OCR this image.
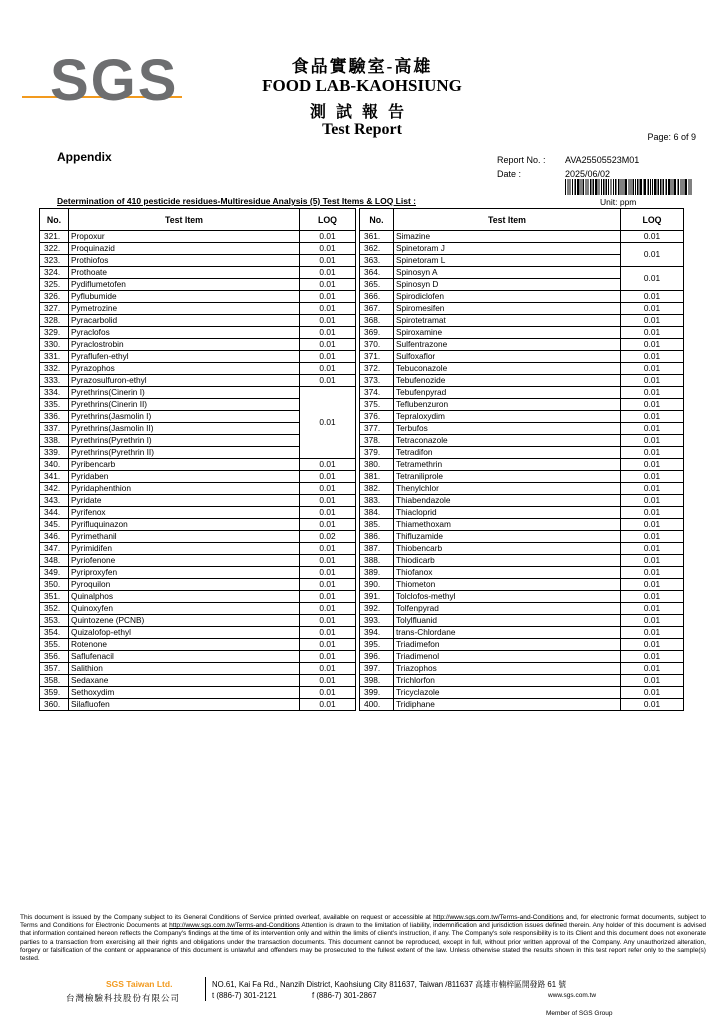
SGS	食品實驗室-高雄
FOOD LAB-KAOHSIUNG
測試報告
Test Report	Page: 6 of 9
Appendix	Report No. : AVA25505523M01
Date :	2025/06/02
Determination of 410 pesticide residues-Multiresidue Analysis (5) Test Items & LOQ List :	Unit: ppm
No.	Test Item	LOQ
321.	Propoxur	0.01
322.	Proquinazid	0.01
323.	Prothiofos	0.01
324.	Prothoate	0.01
325.	Pydiflumetofen	0.01
326.	Pyflubumide	0.01
327.	Pymetrozine	0.01
328.	Pyracarbolid	0.01
329.	Pyraclofos	0.01
330.	Pyraclostrobin	0.01
331.	Pyraflufen-ethyl	0.01
332.	Pyrazophos	0.01
333.	Pyrazosulfuron-ethyl	0.01
334.	Pyrethrins(Cinerin I)	0.01
335.	Pyrethrins(Cinerin II)	
336.	Pyrethrins(Jasmolin I)	
337.	Pyrethrins(Jasmolin II)	
338.	Pyrethrins(Pyrethrin I)	
339.	Pyrethrins(Pyrethrin II)	
340.	Pyribencarb	0.01
341.	Pyridaben	0.01
342.	Pyridaphenthion	0.01
343.	Pyridate	0.01
344.	Pyrifenox	0.01
345.	Pyrifluquinazon	0.01
346.	Pyrimethanil	0.02
347.	Pyrimidifen	0.01
348.	Pyriofenone	0.01
349.	Pyriproxyfen	0.01
350.	Pyroquilon	0.01
351.	Quinalphos	0.01
352.	Quinoxyfen	0.01
353.	Quintozene (PCNB)	0.01
354.	Quizalofop-ethyl	0.01
355.	Rotenone	0.01
356.	Saflufenacil	0.01
357.	Salithion	0.01
358.	Sedaxane	0.01
359.	Sethoxydim	0.01
360.	Silafluofen	0.01
No.	Test Item	LOQ
361.	Simazine	0.01
362.	Spinetoram J	0.01
363.	Spinetoram L	
364.	Spinosyn A	0.01
365.	Spinosyn D	
366.	Spirodiclofen	0.01
367.	Spiromesifen	0.01
368.	Spirotetramat	0.01
369.	Spiroxamine	0.01
370.	Sulfentrazone	0.01
371.	Sulfoxaflor	0.01
372.	Tebuconazole	0.01
373.	Tebufenozide	0.01
374.	Tebufenpyrad	0.01
375.	Teflubenzuron	0.01
376.	Tepraloxydim	0.01
377.	Terbufos	0.01
378.	Tetraconazole	0.01
379.	Tetradifon	0.01
380.	Tetramethrin	0.01
381.	Tetraniliprole	0.01
382.	Thenylchlor	0.01
383.	Thiabendazole	0.01
384.	Thiacloprid	0.01
385.	Thiamethoxam	0.01
386.	Thifluzamide	0.01
387.	Thiobencarb	0.01
388.	Thiodicarb	0.01
389.	Thiofanox	0.01
390.	Thiometon	0.01
391.	Tolclofos-methyl	0.01
392.	Tolfenpyrad	0.01
393.	Tolylfluanid	0.01
394.	trans-Chlordane	0.01
395.	Triadimefon	0.01
396.	Triadimenol	0.01
397.	Triazophos	0.01
398.	Trichlorfon	0.01
399.	Tricyclazole	0.01
400.	Tridiphane	0.01
This document is issued by the Company subject to its General Conditions of Service printed overleaf, available on request or accessible at http://www.sgs.com.tw/Terms-and-Conditions and, for electronic format documents, subject to Terms and Conditions for Electronic Documents at http://www.sgs.com.tw/Terms-and-Conditions Attention is drawn to the limitation of liability, indemnification and jurisdiction issues defined therein. Any holder of this document is advised that information contained hereon reflects the Company's findings at the time of its intervention only and within the limits of client's instruction, if any. The Company's sole responsibility is to its Client and this document does not exonerate parties to a transaction from exercising all their rights and obligations under the transaction documents. This document cannot be reproduced, except in full, without prior written approval of the Company. Any unauthorized alteration, forgery or falsification of the content or appearance of this document is unlawful and offenders may be prosecuted to the fullest extent of the law. Unless otherwise stated the results shown in this test report refer only to the sample(s) tested.
SGS Taiwan Ltd.
台灣檢驗科技股份有限公司
NO.61, Kai Fa Rd., Nanzih District, Kaohsiung City 811637, Taiwan /811637 高雄市楠梓區開發路 61 號
t (886-7) 301-2121	f (886-7) 301-2867	www.sgs.com.tw
Member of SGS Group
